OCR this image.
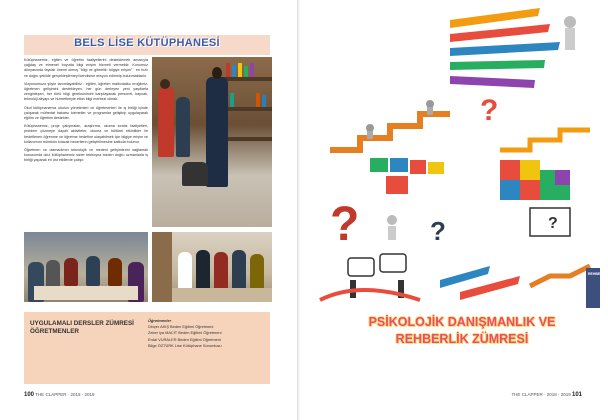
BELS LİSE KÜTÜPHANESİ

Kütüphanemiz, eğitim ve öğretim faaliyetlerini desteklemek amacıyla çağdaş ve etmenel boyutta bilgi erişim hizmeti vermektir. Konumuz dünyasında faydalı önemi olmuş "bilgi ve gitmelik: bilgiye erişim" ' en hızlı ve doğru şekilde gerçekleştirmeyi kendisine misyon edinmiş bulunmaktadır.

Vizyonumuzu şöyle tanımlayabiliriz : eğitim, öğretim maltıvdatko eroğlimiz, öğretmen gelişimini destekleyen, her gün derleyen yeni yaşıtlarla zenginleşen, her türlü bilgi gereksinimini karşılayacak personel, kaynak, teknoloji altyapı ve hizmetleriyle etkin bilgi merkezi olmak.

Okul kütüphanemiz okulun yönetimleri ve öğretmenleri ile iş birliği içinde çalışarak müfredat hakarsı hizmetler ve programlar geliştirip uygulayarak eğitim ve öğretimi destekler.

Kütüphanemiz, proje çalışmaları, araştırma, okuma sıralık faaliyetleri, problem çözmeye dayalı aktiviteler, okuma ve kültürel etkinlikler ile hedeflenen öğrenme ve öğretme hedefine ulaşabilmek için bilgiye erişim ve kullanımını mümkün kılacak becerilerin geliştirilmesine katkıda bulunur.

Öğretmen ve olamadımın teknolojik ve medeni gelişimlerini sağlamak konusunda okul kütüphanemiz sizler tekboşna bizden doğru uzmanlarla iş birliği yaparak en üst etkilerde çalışır.

UYGULAMALI DERSLER ZÜMRESİ ÖĞRETMENLER
Öğretmenler
Dinçer AKIŞ Beden Eğitimi Öğretmeni
Zeker iya MACİT Beden Eğitimi Öğretmeni
Erdal VURALER Beden Eğitimi Öğretmeni
Bilge ÖZTÜRK Lise Kütüphane Sorumlusu
100 THE CLAPPER · 2018 - 2019
?
?	?	?
REHBERLİK
PSİKOLOJİK DANIŞMANLIK VE
REHBERLİK ZÜMRESİ
THE CLAPPER · 2018 - 2019 101
